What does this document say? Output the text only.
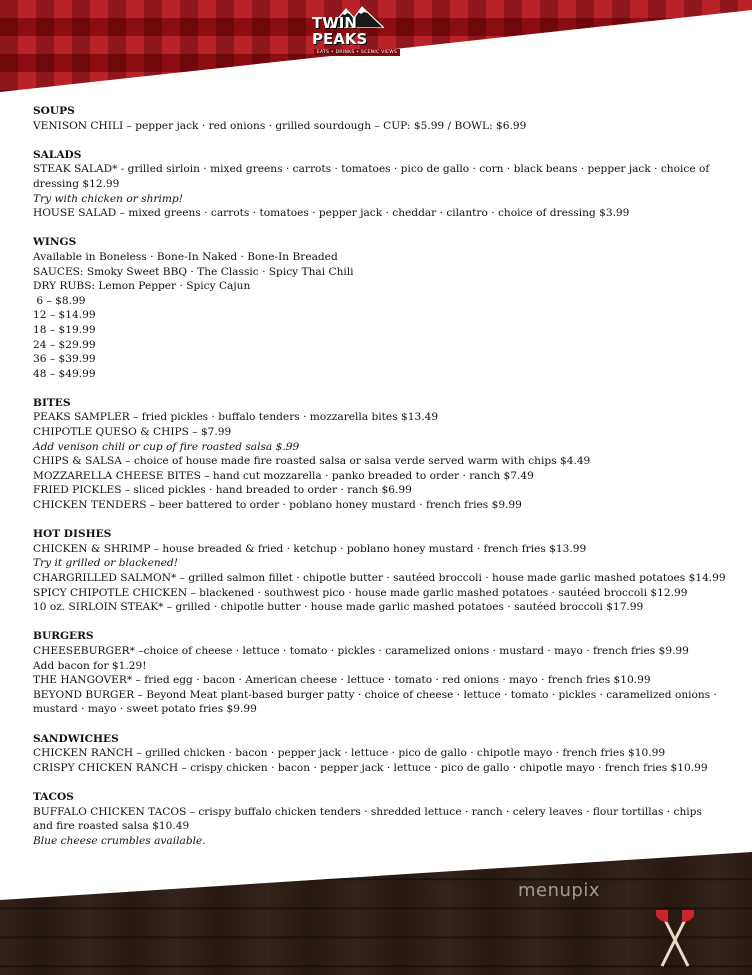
TWIN PEAKS
EATS • DRINKS • SCENIC VIEWS
SOUPS
VENISON CHILI – pepper jack · red onions · grilled sourdough – CUP: $5.99 / BOWL: $6.99
SALADS
STEAK SALAD* - grilled sirloin · mixed greens · carrots · tomatoes · pico de gallo · corn · black beans · pepper jack · choice of dressing $12.99
Try with chicken or shrimp!
HOUSE SALAD – mixed greens · carrots · tomatoes · pepper jack · cheddar · cilantro · choice of dressing $3.99
WINGS
Available in Boneless · Bone-In Naked · Bone-In Breaded
SAUCES: Smoky Sweet BBQ · The Classic · Spicy Thai Chili
DRY RUBS: Lemon Pepper · Spicy Cajun
6 – $8.99
12 – $14.99
18 – $19.99
24 – $29.99
36 – $39.99
48 – $49.99
BITES
PEAKS SAMPLER – fried pickles · buffalo tenders · mozzarella bites $13.49
CHIPOTLE QUESO & CHIPS – $7.99
Add venison chili or cup of fire roasted salsa $.99
CHIPS & SALSA – choice of house made fire roasted salsa or salsa verde served warm with chips $4.49
MOZZARELLA CHEESE BITES – hand cut mozzarella · panko breaded to order · ranch $7.49
FRIED PICKLES – sliced pickles · hand breaded to order · ranch $6.99
CHICKEN TENDERS – beer battered to order · poblano honey mustard · french fries $9.99
HOT DISHES
CHICKEN & SHRIMP – house breaded & fried · ketchup · poblano honey mustard · french fries $13.99
Try it grilled or blackened!
CHARGRILLED SALMON* – grilled salmon fillet · chipotle butter · sautéed broccoli · house made garlic mashed potatoes $14.99
SPICY CHIPOTLE CHICKEN – blackened · southwest pico · house made garlic mashed potatoes · sautéed broccoli $12.99
10 oz. SIRLOIN STEAK* – grilled · chipotle butter · house made garlic mashed potatoes · sautéed broccoli $17.99
BURGERS
CHEESEBURGER* –choice of cheese · lettuce · tomato · pickles · caramelized onions · mustard · mayo · french fries $9.99
Add bacon for $1.29!
THE HANGOVER* – fried egg · bacon · American cheese · lettuce · tomato · red onions · mayo · french fries $10.99
BEYOND BURGER – Beyond Meat plant-based burger patty · choice of cheese · lettuce · tomato · pickles · caramelized onions · mustard · mayo · sweet potato fries $9.99
SANDWICHES
CHICKEN RANCH – grilled chicken · bacon · pepper jack · lettuce · pico de gallo · chipotle mayo · french fries $10.99
CRISPY CHICKEN RANCH – crispy chicken · bacon · pepper jack · lettuce · pico de gallo · chipotle mayo · french fries $10.99
TACOS
BUFFALO CHICKEN TACOS – crispy buffalo chicken tenders · shredded lettuce · ranch · celery leaves · flour tortillas · chips and fire roasted salsa $10.49
Blue cheese crumbles available.
menupix
